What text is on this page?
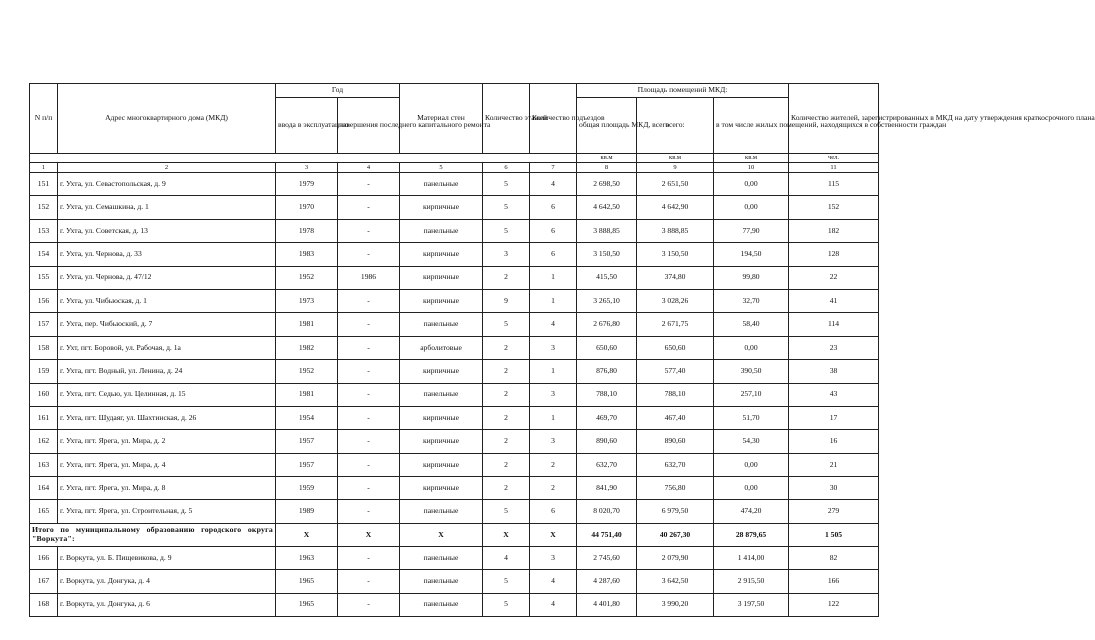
N п/п	Адрес многоквартирного дома (МКД)	Год		Материал стен	Количество этажей	Количество подъездов	Площадь помещений МКД:			Количество жителей, зарегистрированных в МКД на дату утверждения краткосрочного плана
		ввода в эксплуатацию	завершения последнего капитального ремонта				общая площадь МКД, всего	всего:	в том числе жилых помещений, находящихся в собственности граждан	
							кв.м	кв.м	кв.м	чел.
1	2	3	4	5	6	7	8	9	10	11
151	г. Ухта, ул. Севастопольская, д. 9	1979	-	панельные	5	4	2 698,50	2 651,50	0,00	115
152	г. Ухта, ул. Семашкина, д. 1	1970	-	кирпичные	5	6	4 642,50	4 642,90	0,00	152
153	г. Ухта, ул. Советская, д. 13	1978	-	панельные	5	6	3 888,85	3 888,85	77,90	182
154	г. Ухта, ул. Чернова, д. 33	1983	-	кирпичные	3	6	3 150,50	3 150,50	194,50	128
155	г. Ухта, ул. Чернова, д. 47/12	1952	1986	кирпичные	2	1	415,50	374,80	99,80	22
156	г. Ухта, ул. Чибьюская, д. 1	1973	-	кирпичные	9	1	3 265,10	3 028,26	32,70	41
157	г. Ухта, пер. Чибьюский, д. 7	1981	-	панельные	5	4	2 676,80	2 671,75	58,40	114
158	г. Ухт, пгт. Боровой, ул. Рабочая, д. 1а	1982	-	арболитовые	2	3	650,60	650,60	0,00	23
159	г. Ухта, пгт. Водный, ул. Ленина, д. 24	1952	-	кирпичные	2	1	876,80	577,40	390,50	38
160	г. Ухта, пгт. Седью, ул. Целинная, д. 15	1981	-	панельные	2	3	788,10	788,10	257,10	43
161	г. Ухта, пгт. Шудаяг, ул. Шахтинская, д. 26	1954	-	кирпичные	2	1	469,70	467,40	51,70	17
162	г. Ухта, пгт. Ярега, ул. Мира, д. 2	1957	-	кирпичные	2	3	890,60	890,60	54,30	16
163	г. Ухта, пгт. Ярега, ул. Мира, д. 4	1957	-	кирпичные	2	2	632,70	632,70	0,00	21
164	г. Ухта, пгт. Ярега, ул. Мира, д. 8	1959	-	кирпичные	2	2	841,90	756,80	0,00	30
165	г. Ухта, пгт. Ярега, ул. Строительная, д. 5	1989	-	панельные	5	6	8 020,70	6 979,50	474,20	279
Итого по муниципальному образованию городского округа "Воркута":		X	X	X	X	X	44 751,40	40 267,30	28 879,65	1 505
166	г. Воркута, ул. Б. Пищевикова, д. 9	1963	-	панельные	4	3	2 745,60	2 079,90	1 414,00	82
167	г. Воркута, ул. Донгука, д. 4	1965	-	панельные	5	4	4 287,60	3 642,50	2 915,50	166
168	г. Воркута, ул. Донгука, д. 6	1965	-	панельные	5	4	4 401,80	3 990,20	3 197,50	122
